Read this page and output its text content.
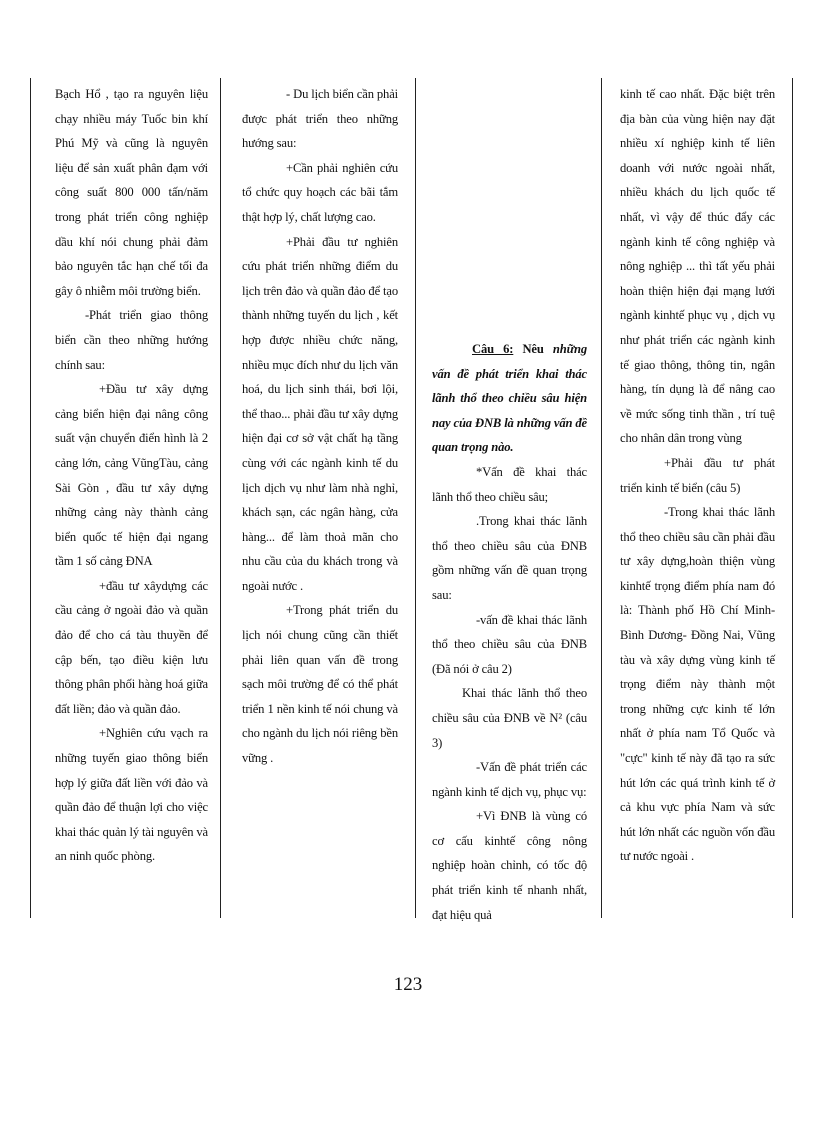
Bạch Hổ , tạo ra nguyên liệu chạy nhiều máy Tuốc bin khí Phú Mỹ và cũng là nguyên liệu để sản xuất phân đạm với công suất 800 000 tấn/năm trong phát triển công nghiệp dầu khí nói chung phải đảm bảo nguyên tắc hạn chế tối đa gây ô nhiễm môi trường biển.

-Phát triển giao thông biển cần theo những hướng chính sau:

+Đầu tư xây dựng cảng biển hiện đại nâng công suất vận chuyển điển hình là 2 cảng lớn, cảng VũngTàu, cảng Sài Gòn , đầu tư xây dựng những cảng này thành cảng biển quốc tế hiện đại ngang tầm 1 số cảng ĐNA

+đầu tư xâydựng các cầu cảng ở ngoài đảo và quần đảo để cho cá tàu thuyền để cập bến, tạo điều kiện lưu thông phân phối hàng hoá giữa đất liền; đảo và quần đảo.

+Nghiên cứu vạch ra những tuyến giao thông biển hợp lý giữa đất liền với đảo và quần đảo để thuận lợi cho việc khai thác quản lý tài nguyên và an ninh quốc phòng.

- Du lịch biển cần phải được phát triển theo những hướng sau:

+Cần phải nghiên cứu tổ chức quy hoạch các bãi tắm thật hợp lý, chất lượng cao.

+Phải đầu tư nghiên cứu phát triển những điểm du lịch trên đảo và quần đảo để tạo thành những tuyến du lịch , kết hợp được nhiều chức năng, nhiều mục đích như du lịch văn hoá, du lịch sinh thái, bơi lội, thể thao... phải đầu tư xây dựng hiện đại cơ sở vật chất hạ tầng cùng với các ngành kinh tế du lịch dịch vụ như làm nhà nghỉ, khách sạn, các ngân hàng, cửa hàng... để làm thoả mãn cho nhu cầu của du khách trong và ngoài nước .

+Trong phát triển du lịch nói chung cũng cần thiết phải liên quan vấn đề trong sạch môi trường để có thể phát triển 1 nền kinh tế nói chung và cho ngành du lịch nói riêng bền vững .

Câu 6: Nêu những vấn đề phát triển khai thác lãnh thổ theo chiều sâu hiện nay của ĐNB là những vấn đề quan trọng nào.

*Vấn đề khai thác lãnh thổ theo chiều sâu;

.Trong khai thác lãnh thổ theo chiều sâu của ĐNB gồm những vấn đề quan trọng sau:

-vấn đề khai thác lãnh thổ theo chiều sâu của ĐNB (Đã nói ở câu 2)

Khai thác lãnh thổ theo chiều sâu của ĐNB về N² (câu 3)

-Vấn đề phát triển các ngành kinh tế dịch vụ, phục vụ:

+Vì ĐNB là vùng có cơ cấu kinhtế công nông nghiệp hoàn chỉnh, có tốc độ phát triển kinh tế nhanh nhất, đạt hiệu quả

kinh tế cao nhất. Đặc biệt trên địa bàn của vùng hiện nay đặt nhiều xí nghiệp kinh tế liên doanh với nước ngoài nhất, nhiều khách du lịch quốc tế nhất, vì vậy để thúc đẩy các ngành kinh tế công nghiệp và nông nghiệp ... thì tất yếu phải hoàn thiện hiện đại mạng lưới ngành kinhtế phục vụ , dịch vụ như phát triển các ngành kinh tế giao thông, thông tin, ngân hàng, tín dụng là để nâng cao về mức sống tinh thần , trí tuệ cho nhân dân trong vùng

+Phải đầu tư phát triển kinh tế biển (câu 5)

-Trong khai thác lãnh thổ theo chiều sâu cần phải đầu tư xây dựng,hoàn thiện vùng kinhtế trọng điểm phía nam đó là: Thành phố Hồ Chí Minh- Bình Dương- Đồng Nai, Vũng tàu và xây dựng vùng kinh tế trọng điểm này thành một trong những cực kinh tế lớn nhất ở phía nam Tổ Quốc và "cực" kinh tế này đã tạo ra sức hút lớn các quá trình kinh tế ở cả khu vực phía Nam và sức hút lớn nhất các nguồn vốn đầu tư nước ngoài .

123
